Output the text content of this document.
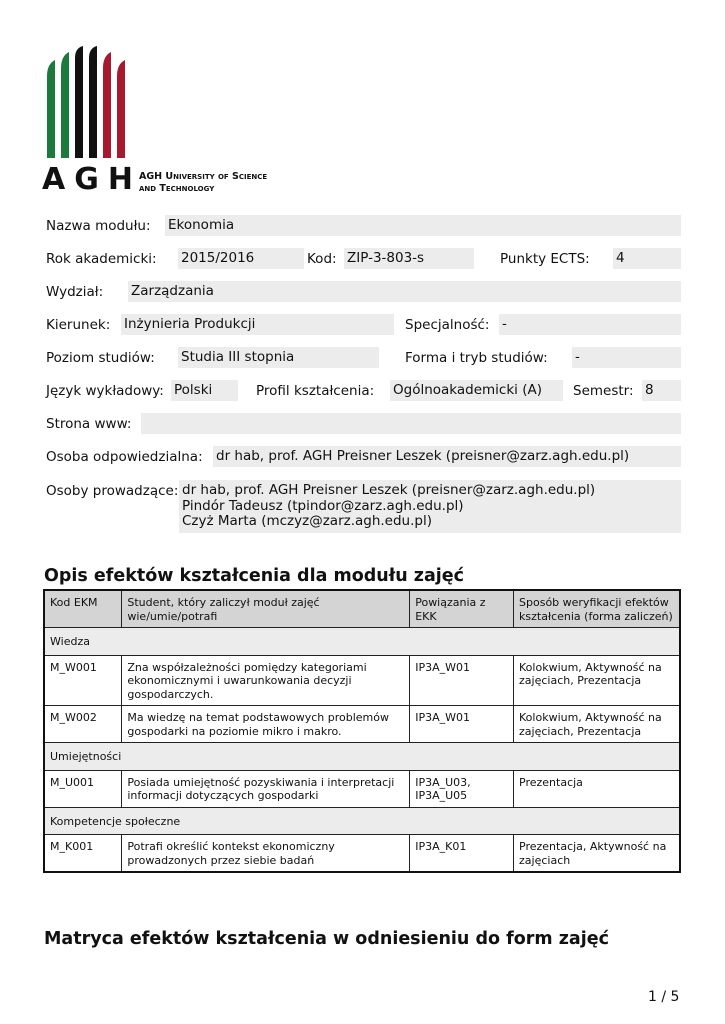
AGH
AGH University of Science
and Technology
Nazwa modułu: Ekonomia
Rok akademicki: 2015/2016	Kod: ZIP-3-803-s	Punkty ECTS: 4
Wydział: Zarządzania
Kierunek: Inżynieria Produkcji	Specjalność: -
Poziom studiów: Studia III stopnia	Forma i tryb studiów: -
Język wykładowy: Polski	Profil kształcenia: Ogólnoakademicki (A)	Semestr: 8
Strona www:
Osoba odpowiedzialna: dr hab, prof. AGH Preisner Leszek (preisner@zarz.agh.edu.pl)
Osoby prowadzące: dr hab, prof. AGH Preisner Leszek (preisner@zarz.agh.edu.pl)
Pindór Tadeusz (tpindor@zarz.agh.edu.pl)
Czyż Marta (mczyz@zarz.agh.edu.pl)
Opis efektów kształcenia dla modułu zajęć
Kod EKM	Student, który zaliczył moduł zajęć wie/umie/potrafi	Powiązania z EKK	Sposób weryfikacji efektów kształcenia (forma zaliczeń)
Wiedza			
M_W001	Zna współzależności pomiędzy kategoriami ekonomicznymi i uwarunkowania decyzji gospodarczych.	IP3A_W01	Kolokwium, Aktywność na zajęciach, Prezentacja
M_W002	Ma wiedzę na temat podstawowych problemów gospodarki na poziomie mikro i makro.	IP3A_W01	Kolokwium, Aktywność na zajęciach, Prezentacja
Umiejętności			
M_U001	Posiada umiejętność pozyskiwania i interpretacji informacji dotyczących gospodarki	IP3A_U03, IP3A_U05	Prezentacja
Kompetencje społeczne			
M_K001	Potrafi określić kontekst ekonomiczny prowadzonych przez siebie badań	IP3A_K01	Prezentacja, Aktywność na zajęciach
Matryca efektów kształcenia w odniesieniu do form zajęć
1 / 5
